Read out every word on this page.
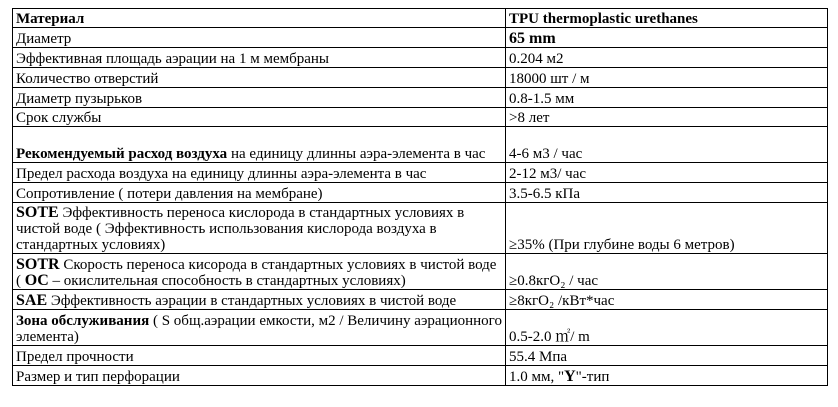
Материал	TPU thermoplastic urethanes
Диаметр	65 mm
Эффективная площадь аэрации на 1 м мембраны	0.204 м2
Количество отверстий	18000 шт / м
Диаметр пузырьков	0.8-1.5 мм
Срок службы	>8 лет
Рекомендуемый расход воздуха на единицу длинны аэра-элемента в час	4-6 м3 / час
Предел расхода воздуха на единицу длинны аэра-элемента в час	2-12 м3/ час
Сопротивление ( потери давления на мембране)	3.5-6.5 кПа
SOTE Эффективность переноса кислорода в стандартных условиях в чистой воде ( Эффективность использования кислорода воздуха в стандартных условиях)	≥35% (При глубине воды 6 метров)
SOTR Скорость переноса кисорода в стандартных условиях в чистой воде ( OC – окислительная способность в стандартных условиях)	≥0.8кгО₂ / час
SAE Эффективность аэрации в стандартных условиях в чистой воде	≥8кгО₂ /кВт*час
Зона обслуживания ( S общ.аэрации емкости, м2 / Величину аэрационного элемента)	0.5-2.0 ㎡/ m
Предел прочности	55.4 Мпа
Размер и тип перфорации	1.0 мм, "Y"-тип
